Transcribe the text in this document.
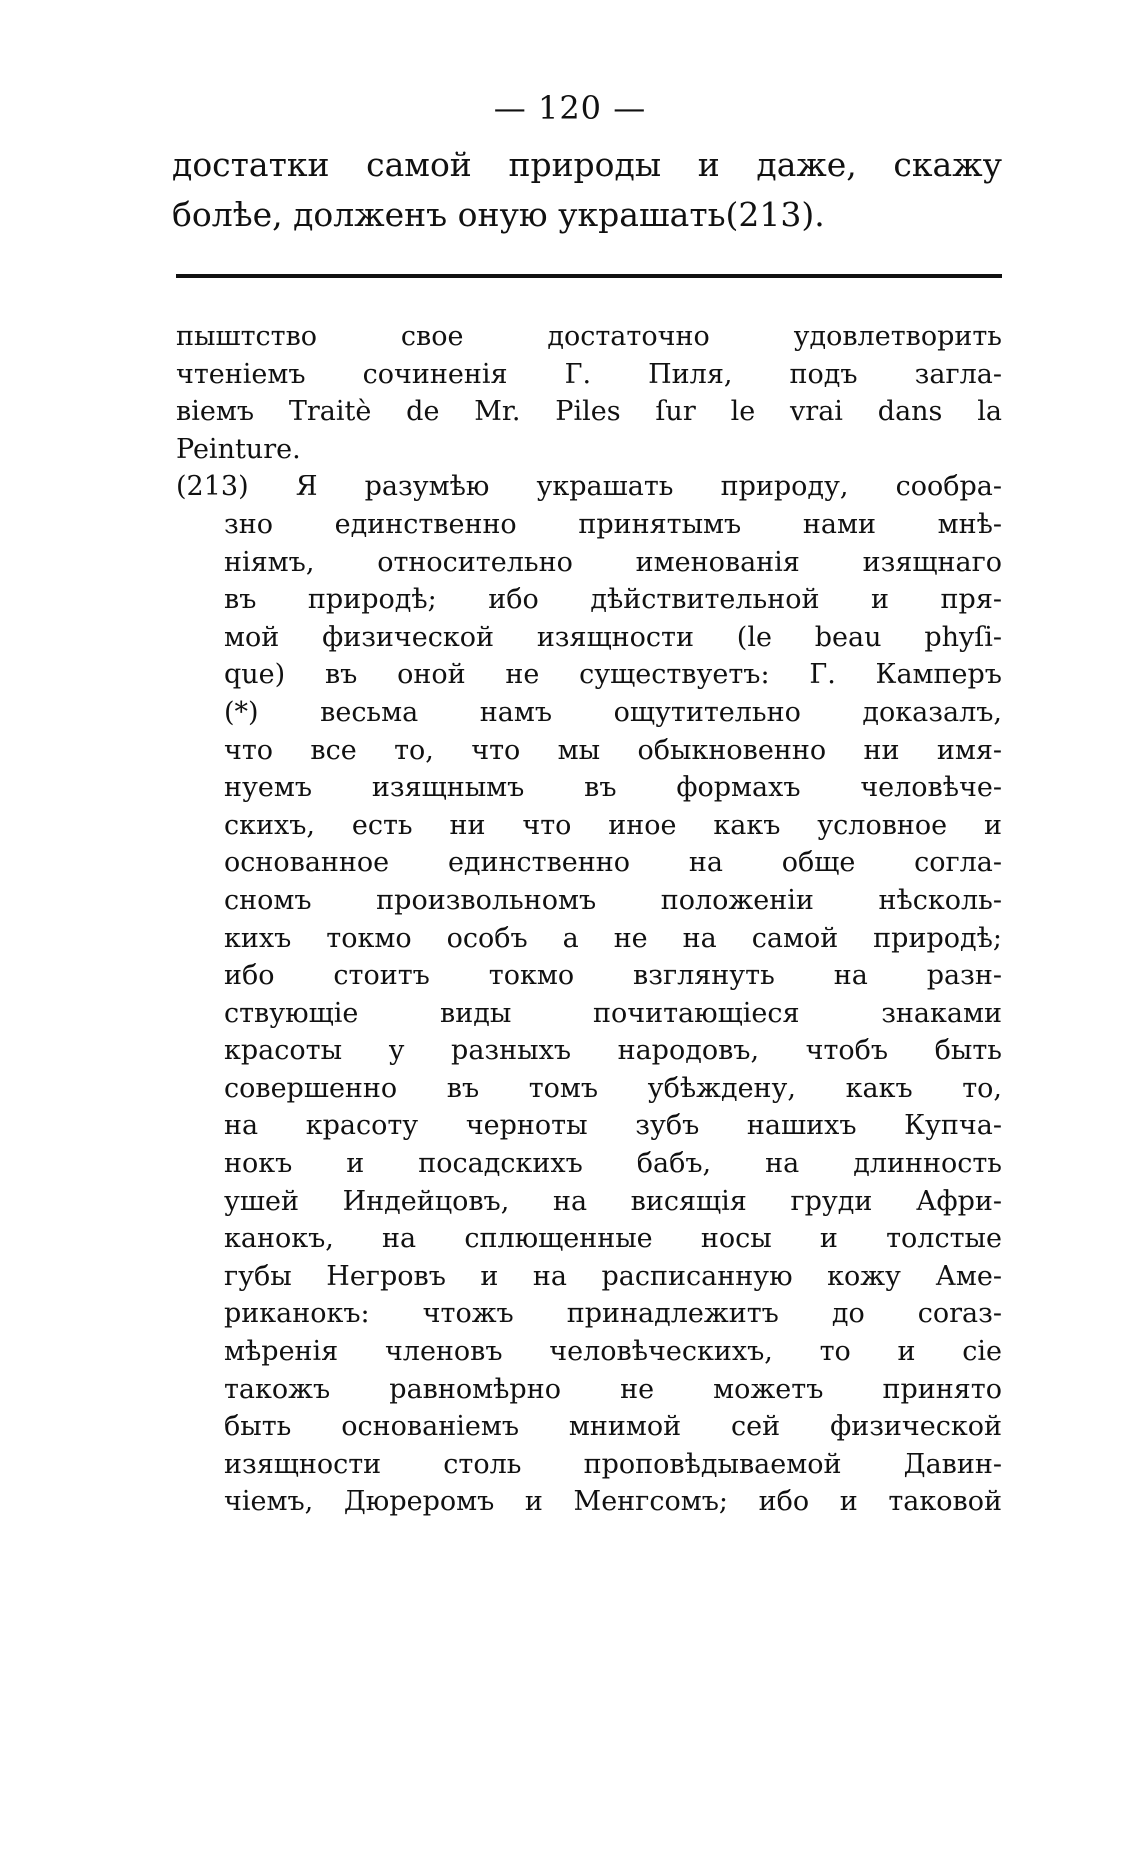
— 120 —
достатки самой природы и даже, скажу
болѣе, долженъ оную украшать(213).
пыштство свое достаточно удовлетворить
чтеніемъ сочиненія Г. Пиля, подъ загла-
віемъ Traitè de Mr. Piles ſur le vrai dans la
Peinture.
(213) Я разумѣю украшать природу, сообра-
зно единственно принятымъ нами мнѣ-
ніямъ, относительно именованія изящнаго
въ природѣ; ибо дѣйствительной и пря-
мой физической изящности (le beau phyſi-
que) въ оной не существуетъ: Г. Камперъ
(*) весьма намъ ощутительно доказалъ,
что все то, что мы обыкновенно ни имя-
нуемъ изящнымъ въ формахъ человѣче-
скихъ, есть ни что иное какъ условное и
основанное единственно на обще согла-
сномъ произвольномъ положеніи нѣсколь-
кихъ токмо особъ а не на самой природѣ;
ибо стоитъ токмо взглянуть на разн-
ствующіе виды почитающіеся знаками
красоты у разныхъ народовъ, чтобъ быть
совершенно въ томъ убѣждену, какъ то,
на красоту черноты зубъ нашихъ Купча-
нокъ и посадскихъ бабъ, на длинность
ушей Индейцовъ, на висящія груди Афри-
канокъ, на сплющенные носы и толстые
губы Негровъ и на расписанную кожу Аме-
риканокъ: чтожъ принадлежитъ до соraз-
мѣренія членовъ человѣческихъ, то и сіе
такожъ равномѣрно не можетъ принято
быть основаніемъ мнимой сей физической
изящности столь проповѣдываемой Давин-
чіемъ, Дюреромъ и Менгсомъ; ибо и таковой
